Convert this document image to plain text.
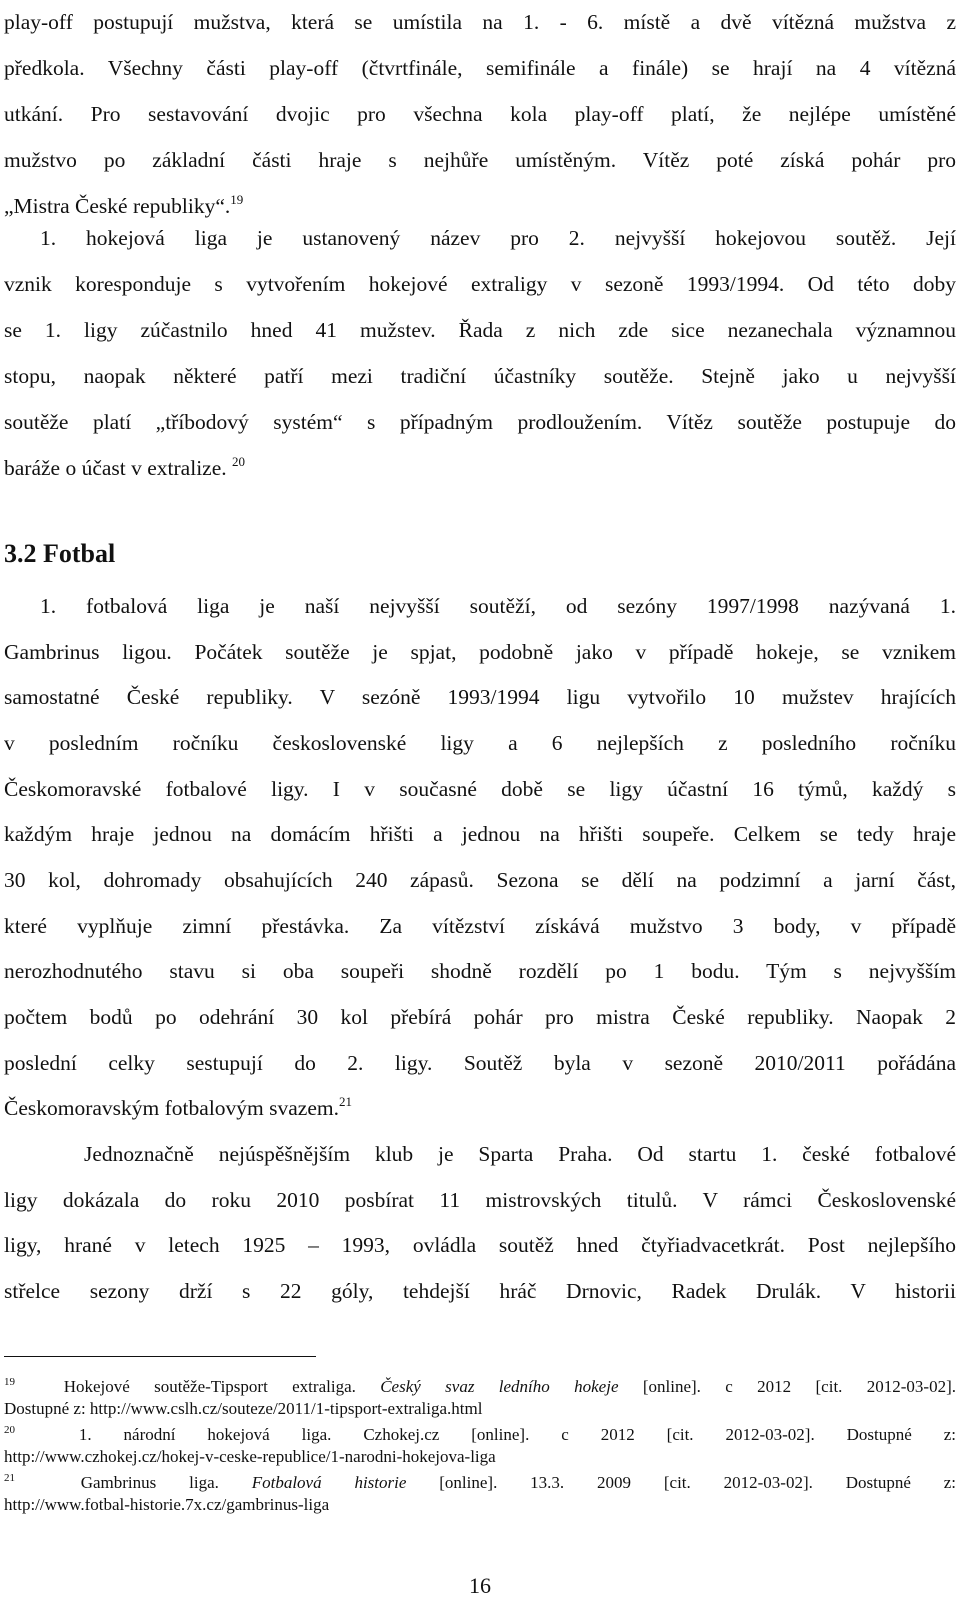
play-off postupují mužstva, která se umístila na 1. - 6. místě a dvě vítězná mužstva z
předkola. Všechny části play-off (čtvrtfinále, semifinále a finále) se hrají na 4 vítězná
utkání. Pro sestavování dvojic pro všechna kola play-off platí, že nejlépe umístěné
mužstvo po základní části hraje s nejhůře umístěným. Vítěz poté získá pohár pro
„Mistra České republiky“.$^{19}$
1. hokejová liga je ustanovený název pro 2. nejvyšší hokejovou soutěž. Její
vznik koresponduje s vytvořením hokejové extraligy v sezoně 1993/1994. Od této doby
se 1. ligy zúčastnilo hned 41 mužstev. Řada z nich zde sice nezanechala významnou
stopu, naopak některé patří mezi tradiční účastníky soutěže. Stejně jako u nejvyšší
soutěže platí „tříbodový systém“ s případným prodloužením. Vítěz soutěže postupuje do
baráže o účast v extralize. $^{20}$
3.2 Fotbal
1. fotbalová liga je naší nejvyšší soutěží, od sezóny 1997/1998 nazývaná 1.
Gambrinus ligou. Počátek soutěže je spjat, podobně jako v případě hokeje, se vznikem
samostatné České republiky. V sezóně 1993/1994 ligu vytvořilo 10 mužstev hrajících
v posledním ročníku československé ligy a 6 nejlepších z posledního ročníku
Českomoravské fotbalové ligy. I v současné době se ligy účastní 16 týmů, každý s
každým hraje jednou na domácím hřišti a jednou na hřišti soupeře. Celkem se tedy hraje
30 kol, dohromady obsahujících 240 zápasů. Sezona se dělí na podzimní a jarní část,
které vyplňuje zimní přestávka. Za vítězství získává mužstvo 3 body, v případě
nerozhodnutého stavu si oba soupeři shodně rozdělí po 1 bodu. Tým s nejvyšším
počtem bodů po odehrání 30 kol přebírá pohár pro mistra České republiky. Naopak 2
poslední celky sestupují do 2. ligy. Soutěž byla v sezoně 2010/2011 pořádána
Českomoravským fotbalovým svazem.$^{21}$
Jednoznačně nejúspěšnějším klub je Sparta Praha. Od startu 1. české fotbalové
ligy dokázala do roku 2010 posbírat 11 mistrovských titulů. V rámci Československé
ligy, hrané v letech 1925 – 1993, ovládla soutěž hned čtyřiadvacetkrát. Post nejlepšího
střelce sezony drží s 22 góly, tehdejší hráč Drnovic, Radek Drulák. V historii
$^{19}$	Hokejové soutěže-Tipsport extraliga. Český svaz ledního hokeje [online]. c 2012 [cit. 2012-03-02].
Dostupné z: http://www.cslh.cz/souteze/2011/1-tipsport-extraliga.html
$^{20}$	1. národní hokejová liga. Czhokej.cz [online]. c 2012 [cit. 2012-03-02]. Dostupné z:
http://www.czhokej.cz/hokej-v-ceske-republice/1-narodni-hokejova-liga
$^{21}$	Gambrinus liga. Fotbalová historie [online]. 13.3. 2009 [cit. 2012-03-02]. Dostupné z:
http://www.fotbal-historie.7x.cz/gambrinus-liga
16
